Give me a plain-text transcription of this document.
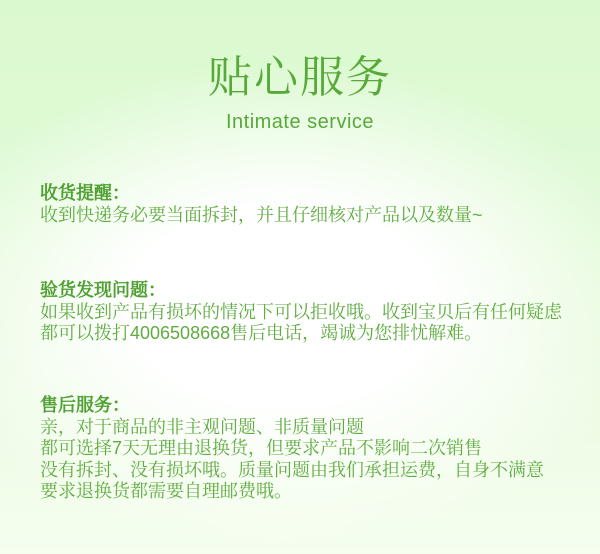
贴心服务
Intimate service
收货提醒：
收到快递务必要当面拆封，并且仔细核对产品以及数量~
验货发现问题：
如果收到产品有损坏的情况下可以拒收哦。收到宝贝后有任何疑虑
都可以拨打4006508668售后电话，竭诚为您排忧解难。
售后服务：
亲，对于商品的非主观问题、非质量问题
都可选择7天无理由退换货，但要求产品不影响二次销售
没有拆封、没有损坏哦。质量问题由我们承担运费，自身不满意
要求退换货都需要自理邮费哦。
